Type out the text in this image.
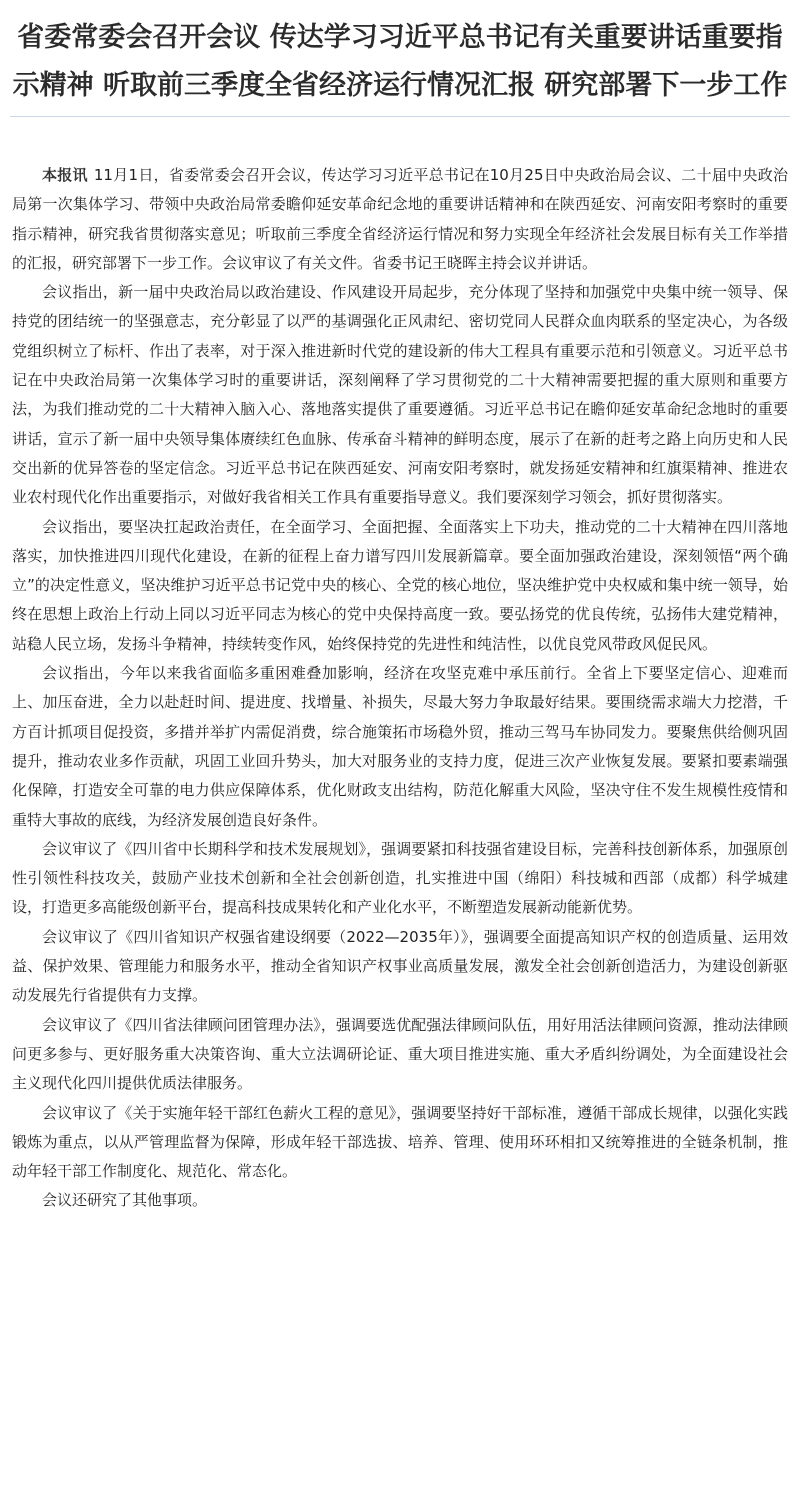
省委常委会召开会议 传达学习习近平总书记有关重要讲话重要指示精神 听取前三季度全省经济运行情况汇报 研究部署下一步工作

本报讯 11月1日，省委常委会召开会议，传达学习习近平总书记在10月25日中央政治局会议、二十届中央政治局第一次集体学习、带领中央政治局常委瞻仰延安革命纪念地的重要讲话精神和在陕西延安、河南安阳考察时的重要指示精神，研究我省贯彻落实意见；听取前三季度全省经济运行情况和努力实现全年经济社会发展目标有关工作举措的汇报，研究部署下一步工作。会议审议了有关文件。省委书记王晓晖主持会议并讲话。

会议指出，新一届中央政治局以政治建设、作风建设开局起步，充分体现了坚持和加强党中央集中统一领导、保持党的团结统一的坚强意志，充分彰显了以严的基调强化正风肃纪、密切党同人民群众血肉联系的坚定决心，为各级党组织树立了标杆、作出了表率，对于深入推进新时代党的建设新的伟大工程具有重要示范和引领意义。习近平总书记在中央政治局第一次集体学习时的重要讲话，深刻阐释了学习贯彻党的二十大精神需要把握的重大原则和重要方法，为我们推动党的二十大精神入脑入心、落地落实提供了重要遵循。习近平总书记在瞻仰延安革命纪念地时的重要讲话，宣示了新一届中央领导集体赓续红色血脉、传承奋斗精神的鲜明态度，展示了在新的赶考之路上向历史和人民交出新的优异答卷的坚定信念。习近平总书记在陕西延安、河南安阳考察时，就发扬延安精神和红旗渠精神、推进农业农村现代化作出重要指示，对做好我省相关工作具有重要指导意义。我们要深刻学习领会，抓好贯彻落实。

会议指出，要坚决扛起政治责任，在全面学习、全面把握、全面落实上下功夫，推动党的二十大精神在四川落地落实，加快推进四川现代化建设，在新的征程上奋力谱写四川发展新篇章。要全面加强政治建设，深刻领悟“两个确立”的决定性意义，坚决维护习近平总书记党中央的核心、全党的核心地位，坚决维护党中央权威和集中统一领导，始终在思想上政治上行动上同以习近平同志为核心的党中央保持高度一致。要弘扬党的优良传统，弘扬伟大建党精神，站稳人民立场，发扬斗争精神，持续转变作风，始终保持党的先进性和纯洁性，以优良党风带政风促民风。

会议指出，今年以来我省面临多重困难叠加影响，经济在攻坚克难中承压前行。全省上下要坚定信心、迎难而上、加压奋进，全力以赴赶时间、提进度、找增量、补损失，尽最大努力争取最好结果。要围绕需求端大力挖潜，千方百计抓项目促投资，多措并举扩内需促消费，综合施策拓市场稳外贸，推动三驾马车协同发力。要聚焦供给侧巩固提升，推动农业多作贡献，巩固工业回升势头，加大对服务业的支持力度，促进三次产业恢复发展。要紧扣要素端强化保障，打造安全可靠的电力供应保障体系，优化财政支出结构，防范化解重大风险，坚决守住不发生规模性疫情和重特大事故的底线，为经济发展创造良好条件。

会议审议了《四川省中长期科学和技术发展规划》，强调要紧扣科技强省建设目标，完善科技创新体系，加强原创性引领性科技攻关，鼓励产业技术创新和全社会创新创造，扎实推进中国（绵阳）科技城和西部（成都）科学城建设，打造更多高能级创新平台，提高科技成果转化和产业化水平，不断塑造发展新动能新优势。

会议审议了《四川省知识产权强省建设纲要（2022—2035年）》，强调要全面提高知识产权的创造质量、运用效益、保护效果、管理能力和服务水平，推动全省知识产权事业高质量发展，激发全社会创新创造活力，为建设创新驱动发展先行省提供有力支撑。

会议审议了《四川省法律顾问团管理办法》，强调要选优配强法律顾问队伍，用好用活法律顾问资源，推动法律顾问更多参与、更好服务重大决策咨询、重大立法调研论证、重大项目推进实施、重大矛盾纠纷调处，为全面建设社会主义现代化四川提供优质法律服务。

会议审议了《关于实施年轻干部红色薪火工程的意见》，强调要坚持好干部标准，遵循干部成长规律，以强化实践锻炼为重点，以从严管理监督为保障，形成年轻干部选拔、培养、管理、使用环环相扣又统筹推进的全链条机制，推动年轻干部工作制度化、规范化、常态化。

会议还研究了其他事项。
